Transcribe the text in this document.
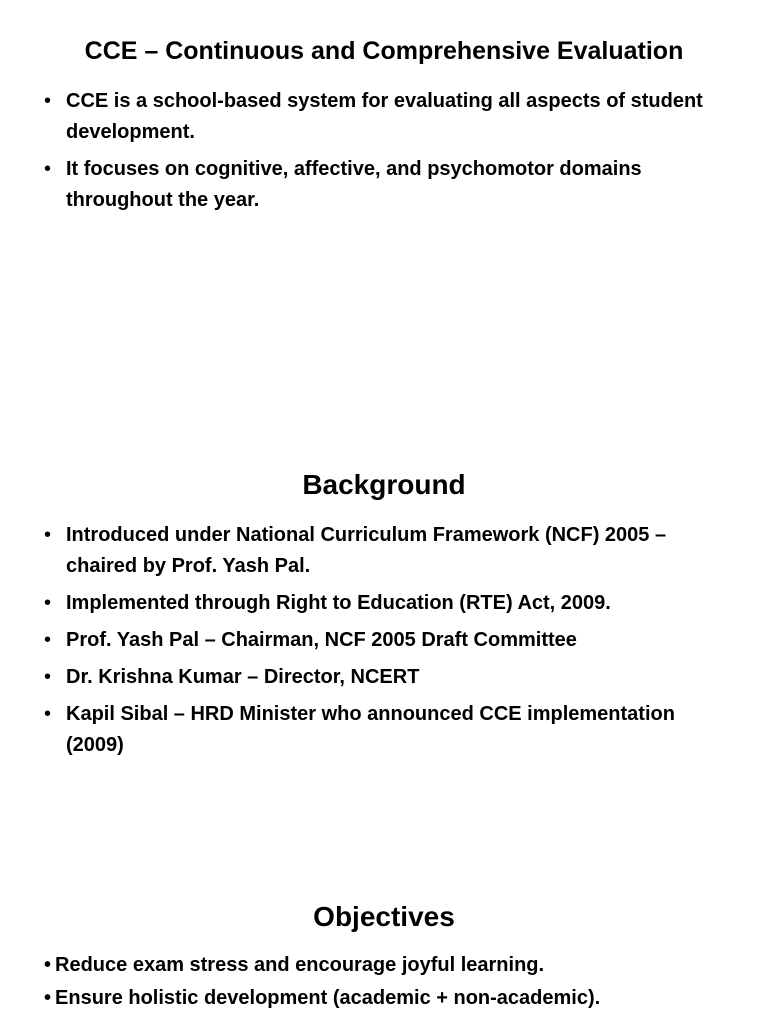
CCE – Continuous and Comprehensive Evaluation
• CCE is a school-based system for evaluating all aspects of student development.
• It focuses on cognitive, affective, and psychomotor domains throughout the year.
Background
• Introduced under National Curriculum Framework (NCF) 2005 – chaired by Prof. Yash Pal.
• Implemented through Right to Education (RTE) Act, 2009.
• Prof. Yash Pal – Chairman, NCF 2005 Draft Committee
• Dr. Krishna Kumar – Director, NCERT
• Kapil Sibal – HRD Minister who announced CCE implementation (2009)
Objectives
• Reduce exam stress and encourage joyful learning.
• Ensure holistic development (academic + non-academic).
